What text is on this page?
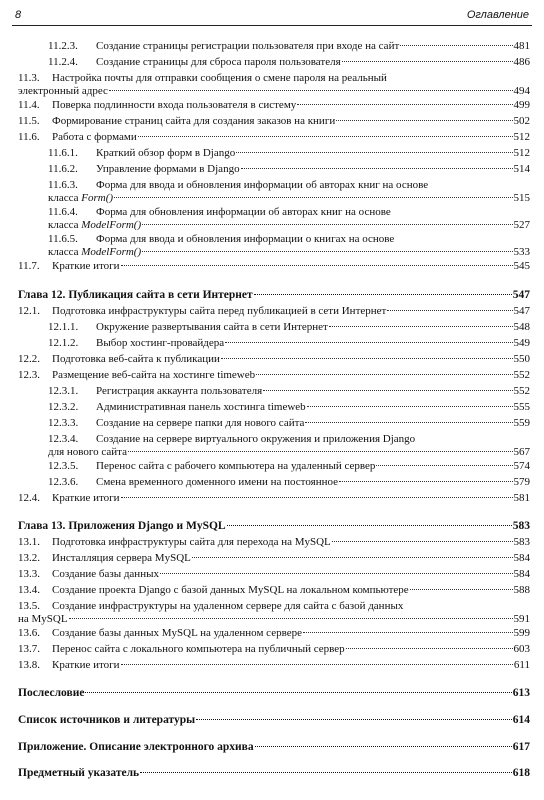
8	Оглавление
11.2.3.	Создание страницы регистрации пользователя при входе на сайт	481
11.2.4.	Создание страницы для сброса пароля пользователя	486
11.3. Настройка почты для отправки сообщения о смене пароля на реальный
электронный адрес	494
11.4.	Поверка подлинности входа пользователя в систему	499
11.5.	Формирование страниц сайта для создания заказов на книги	502
11.6.	Работа с формами	512
11.6.1.	Краткий обзор форм в Django	512
11.6.2.	Управление формами в Django	514
11.6.3. Форма для ввода и обновления информации об авторах книг на основе
класса Form()	515
11.6.4. Форма для обновления информации об авторах книг на основе
класса ModelForm()	527
11.6.5. Форма для ввода и обновления информации о книгах на основе
класса ModelForm()	533
11.7.	Краткие итоги	545
Глава 12. Публикация сайта в сети Интернет	547
12.1.	Подготовка инфраструктуры сайта перед публикацией в сети Интернет	547
12.1.1.	Окружение развертывания сайта в сети Интернет	548
12.1.2.	Выбор хостинг-провайдера	549
12.2.	Подготовка веб-сайта к публикации	550
12.3.	Размещение веб-сайта на хостинге timeweb	552
12.3.1.	Регистрация аккаунта пользователя	552
12.3.2.	Административная панель хостинга timeweb	555
12.3.3.	Создание на сервере папки для нового сайта	559
12.3.4. Создание на сервере виртуального окружения и приложения Django
для нового сайта	567
12.3.5.	Перенос сайта с рабочего компьютера на удаленный сервер	574
12.3.6.	Смена временного доменного имени на постоянное	579
12.4.	Краткие итоги	581
Глава 13. Приложения Django и MySQL	583
13.1.	Подготовка инфраструктуры сайта для перехода на MySQL	583
13.2.	Инсталляция сервера MySQL	584
13.3.	Создание базы данных	584
13.4.	Создание проекта Django с базой данных MySQL на локальном компьютере	588
13.5. Создание инфраструктуры на удаленном сервере для сайта с базой данных
на MySQL	591
13.6.	Создание базы данных MySQL на удаленном сервере	599
13.7.	Перенос сайта с локального компьютера на публичный сервер	603
13.8.	Краткие итоги	611
Послесловие	613
Список источников и литературы	614
Приложение. Описание электронного архива	617
Предметный указатель	618
